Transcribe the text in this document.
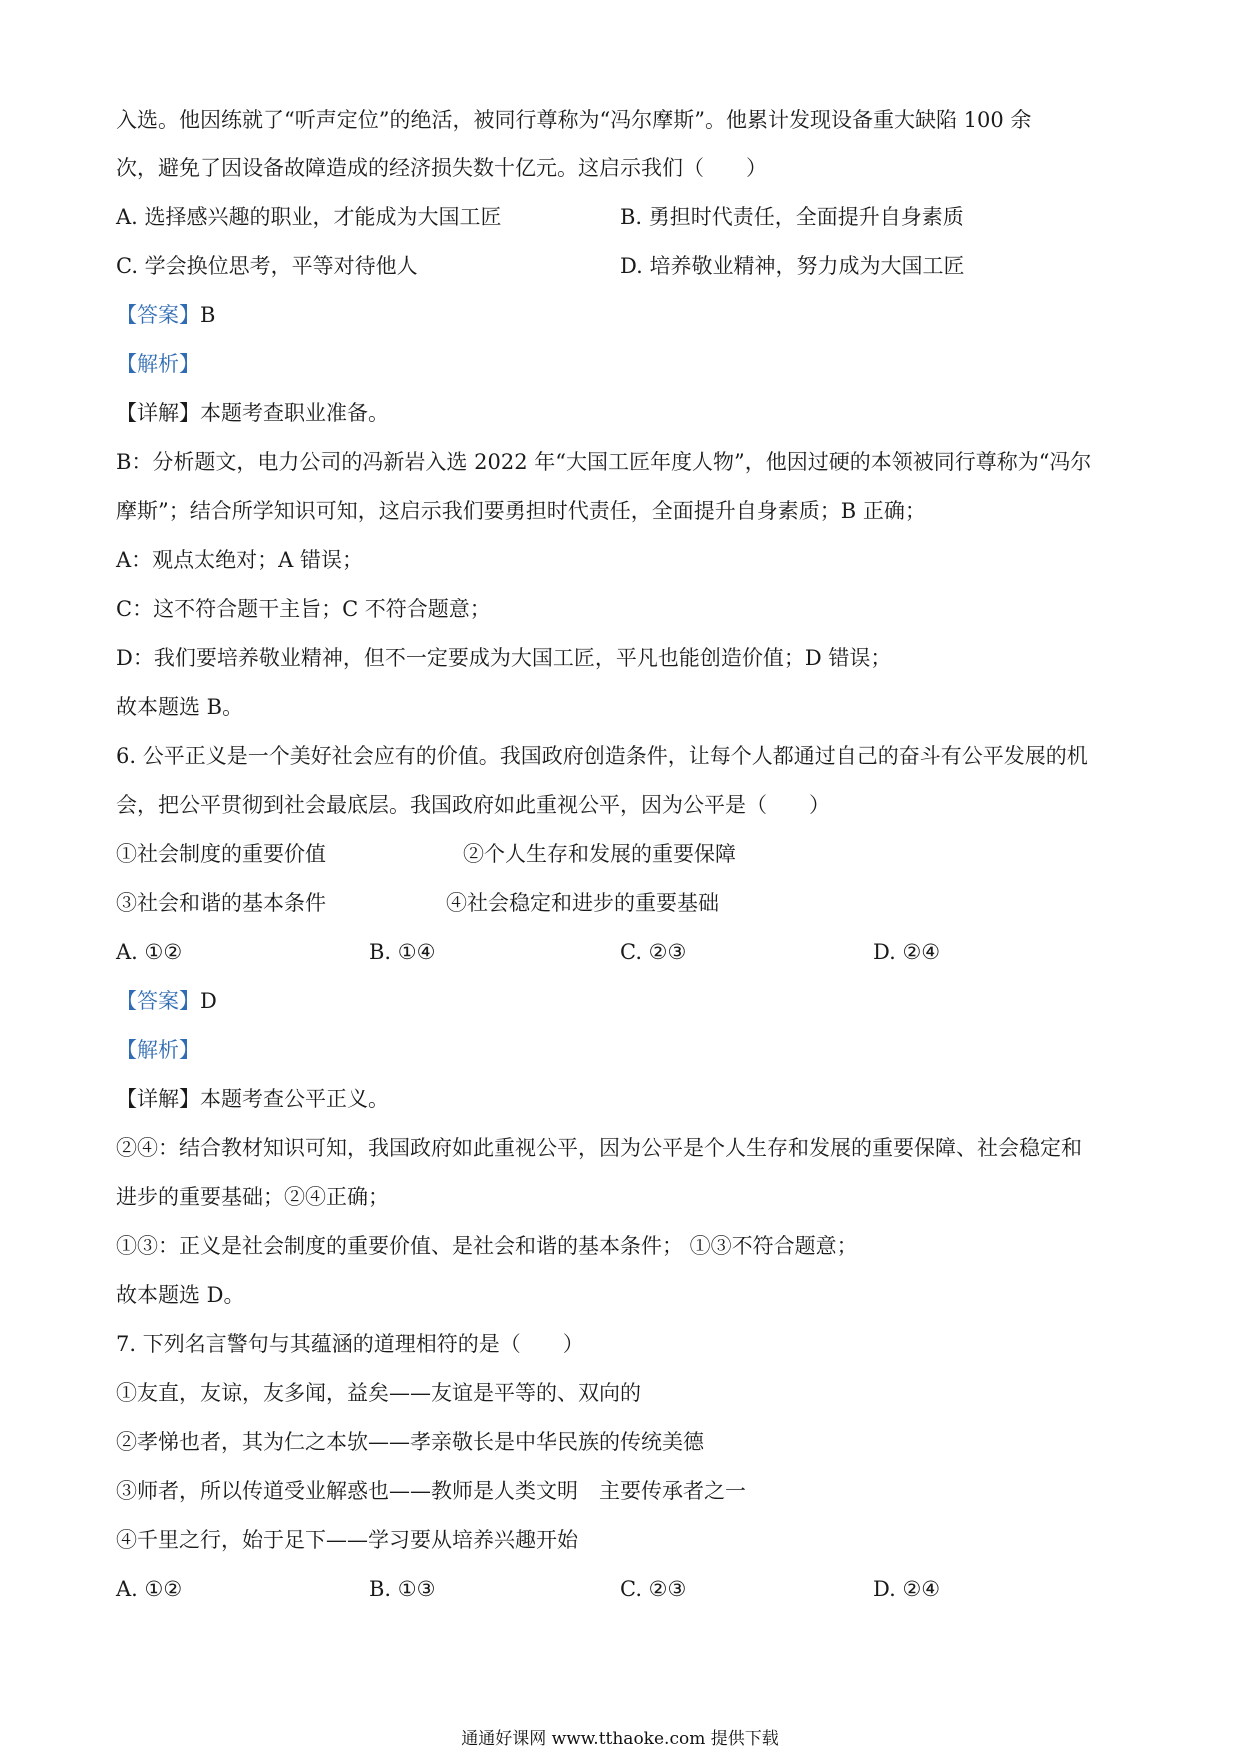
入选。他因练就了“听声定位”的绝活，被同行尊称为“冯尔摩斯”。他累计发现设备重大缺陷 100 余
次，避免了因设备故障造成的经济损失数十亿元。这启示我们（　　）
A. 选择感兴趣的职业，才能成为大国工匠	B. 勇担时代责任，全面提升自身素质
C. 学会换位思考，平等对待他人	D. 培养敬业精神，努力成为大国工匠
【答案】B
【解析】
【详解】本题考查职业准备。
B：分析题文，电力公司的冯新岩入选 2022 年“大国工匠年度人物”，他因过硬的本领被同行尊称为“冯尔
摩斯”；结合所学知识可知，这启示我们要勇担时代责任，全面提升自身素质；B 正确；
A：观点太绝对；A 错误；
C：这不符合题干主旨；C 不符合题意；
D：我们要培养敬业精神，但不一定要成为大国工匠，平凡也能创造价值；D 错误；
故本题选 B。
6. 公平正义是一个美好社会应有的价值。我国政府创造条件，让每个人都通过自己的奋斗有公平发展的机
会，把公平贯彻到社会最底层。我国政府如此重视公平，因为公平是（　　）
①社会制度的重要价值	②个人生存和发展的重要保障
③社会和谐的基本条件	④社会稳定和进步的重要基础
A. ①②	B. ①④	C. ②③	D. ②④
【答案】D
【解析】
【详解】本题考查公平正义。
②④：结合教材知识可知，我国政府如此重视公平，因为公平是个人生存和发展的重要保障、社会稳定和
进步的重要基础；②④正确；
①③：正义是社会制度的重要价值、是社会和谐的基本条件； ①③不符合题意；
故本题选 D。
7. 下列名言警句与其蕴涵的道理相符的是（　　）
①友直，友谅，友多闻，益矣——友谊是平等的、双向的
②孝悌也者，其为仁之本欤——孝亲敬长是中华民族的传统美德
③师者，所以传道受业解惑也——教师是人类文明　主要传承者之一
④千里之行，始于足下——学习要从培养兴趣开始
A. ①②	B. ①③	C. ②③	D. ②④
通通好课网 www.tthaoke.com 提供下载
